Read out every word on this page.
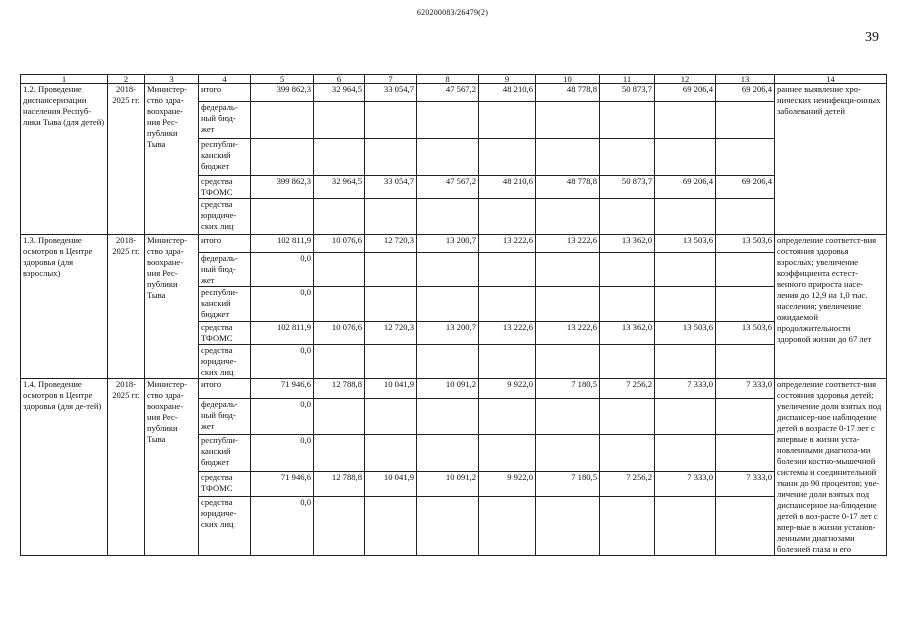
620200083/26479(2)
39
1	2	3	4	5	6	7	8	9	10	11	12	13	14
1.2. Проведение диспансеризации населения Респуб-лики Тыва (для детей)	2018-2025 гг.	Министер-ство здра-воохране-ния Рес-публики Тыва	итого	399 862,3	32 964,5	33 054,7	47 567,2	48 210,6	48 778,8	50 873,7	69 206,4	69 206,4	раннее выявление хро-нических неинфекци-онных заболеваний детей
			федераль-ный бюд-жет										
			республи-канский бюджет										
			средства ТФОМС	399 862,3	32 964,5	33 054,7	47 567,2	48 210,6	48 778,8	50 873,7	69 206,4	69 206,4	
			средства юридиче-ских лиц										
1.3. Проведение осмотров в Центре здоровья (для взрослых)	2018-2025 гг.	Министер-ство здра-воохране-ния Рес-публики Тыва	итого	102 811,9	10 076,6	12 720,3	13 200,7	13 222,6	13 222,6	13 362,0	13 503,6	13 503,6	определение соответст-вия состояния здоровья взрослых; увеличение коэффициента естест-венного прироста насе-ления до 12,9 на 1,0 тыс. населения; увеличение ожидаемой продолжительности здоровой жизни до 67 лет
			федераль-ный бюд-жет	0,0									
			республи-канский бюджет	0,0									
			средства ТФОМС	102 811,9	10 076,6	12 720,3	13 200,7	13 222,6	13 222,6	13 362,0	13 503,6	13 503,6	
			средства юридиче-ских лиц	0,0									
1.4. Проведение осмотров в Центре здоровья (для де-тей)	2018-2025 гг.	Министер-ство здра-воохране-ния Рес-публики Тыва	итого	71 946,6	12 788,8	10 041,9	10 091,2	9 922,0	7 180,5	7 256,2	7 333,0	7 333,0	определение соответст-вия состояния здоровья детей; увеличение доли взятых под диспансер-ное наблюдение детей в возрасте 0-17 лет с впервые в жизни уста-новленными диагноза-ми болезни костно-мышечной системы и соединительной ткани до 90 процентов; уве-личение доли взятых под диспансерное на-блюдение детей в воз-расте 0-17 лет с впер-вые в жизни установ-ленными диагнозами болезней глаза и его
			федераль-ный бюд-жет	0,0									
			республи-канский бюджет	0,0									
			средства ТФОМС	71 946,6	12 788,8	10 041,9	10 091,2	9 922,0	7 180,5	7 256,2	7 333,0	7 333,0	
			средства юридиче-ских лиц	0,0									
